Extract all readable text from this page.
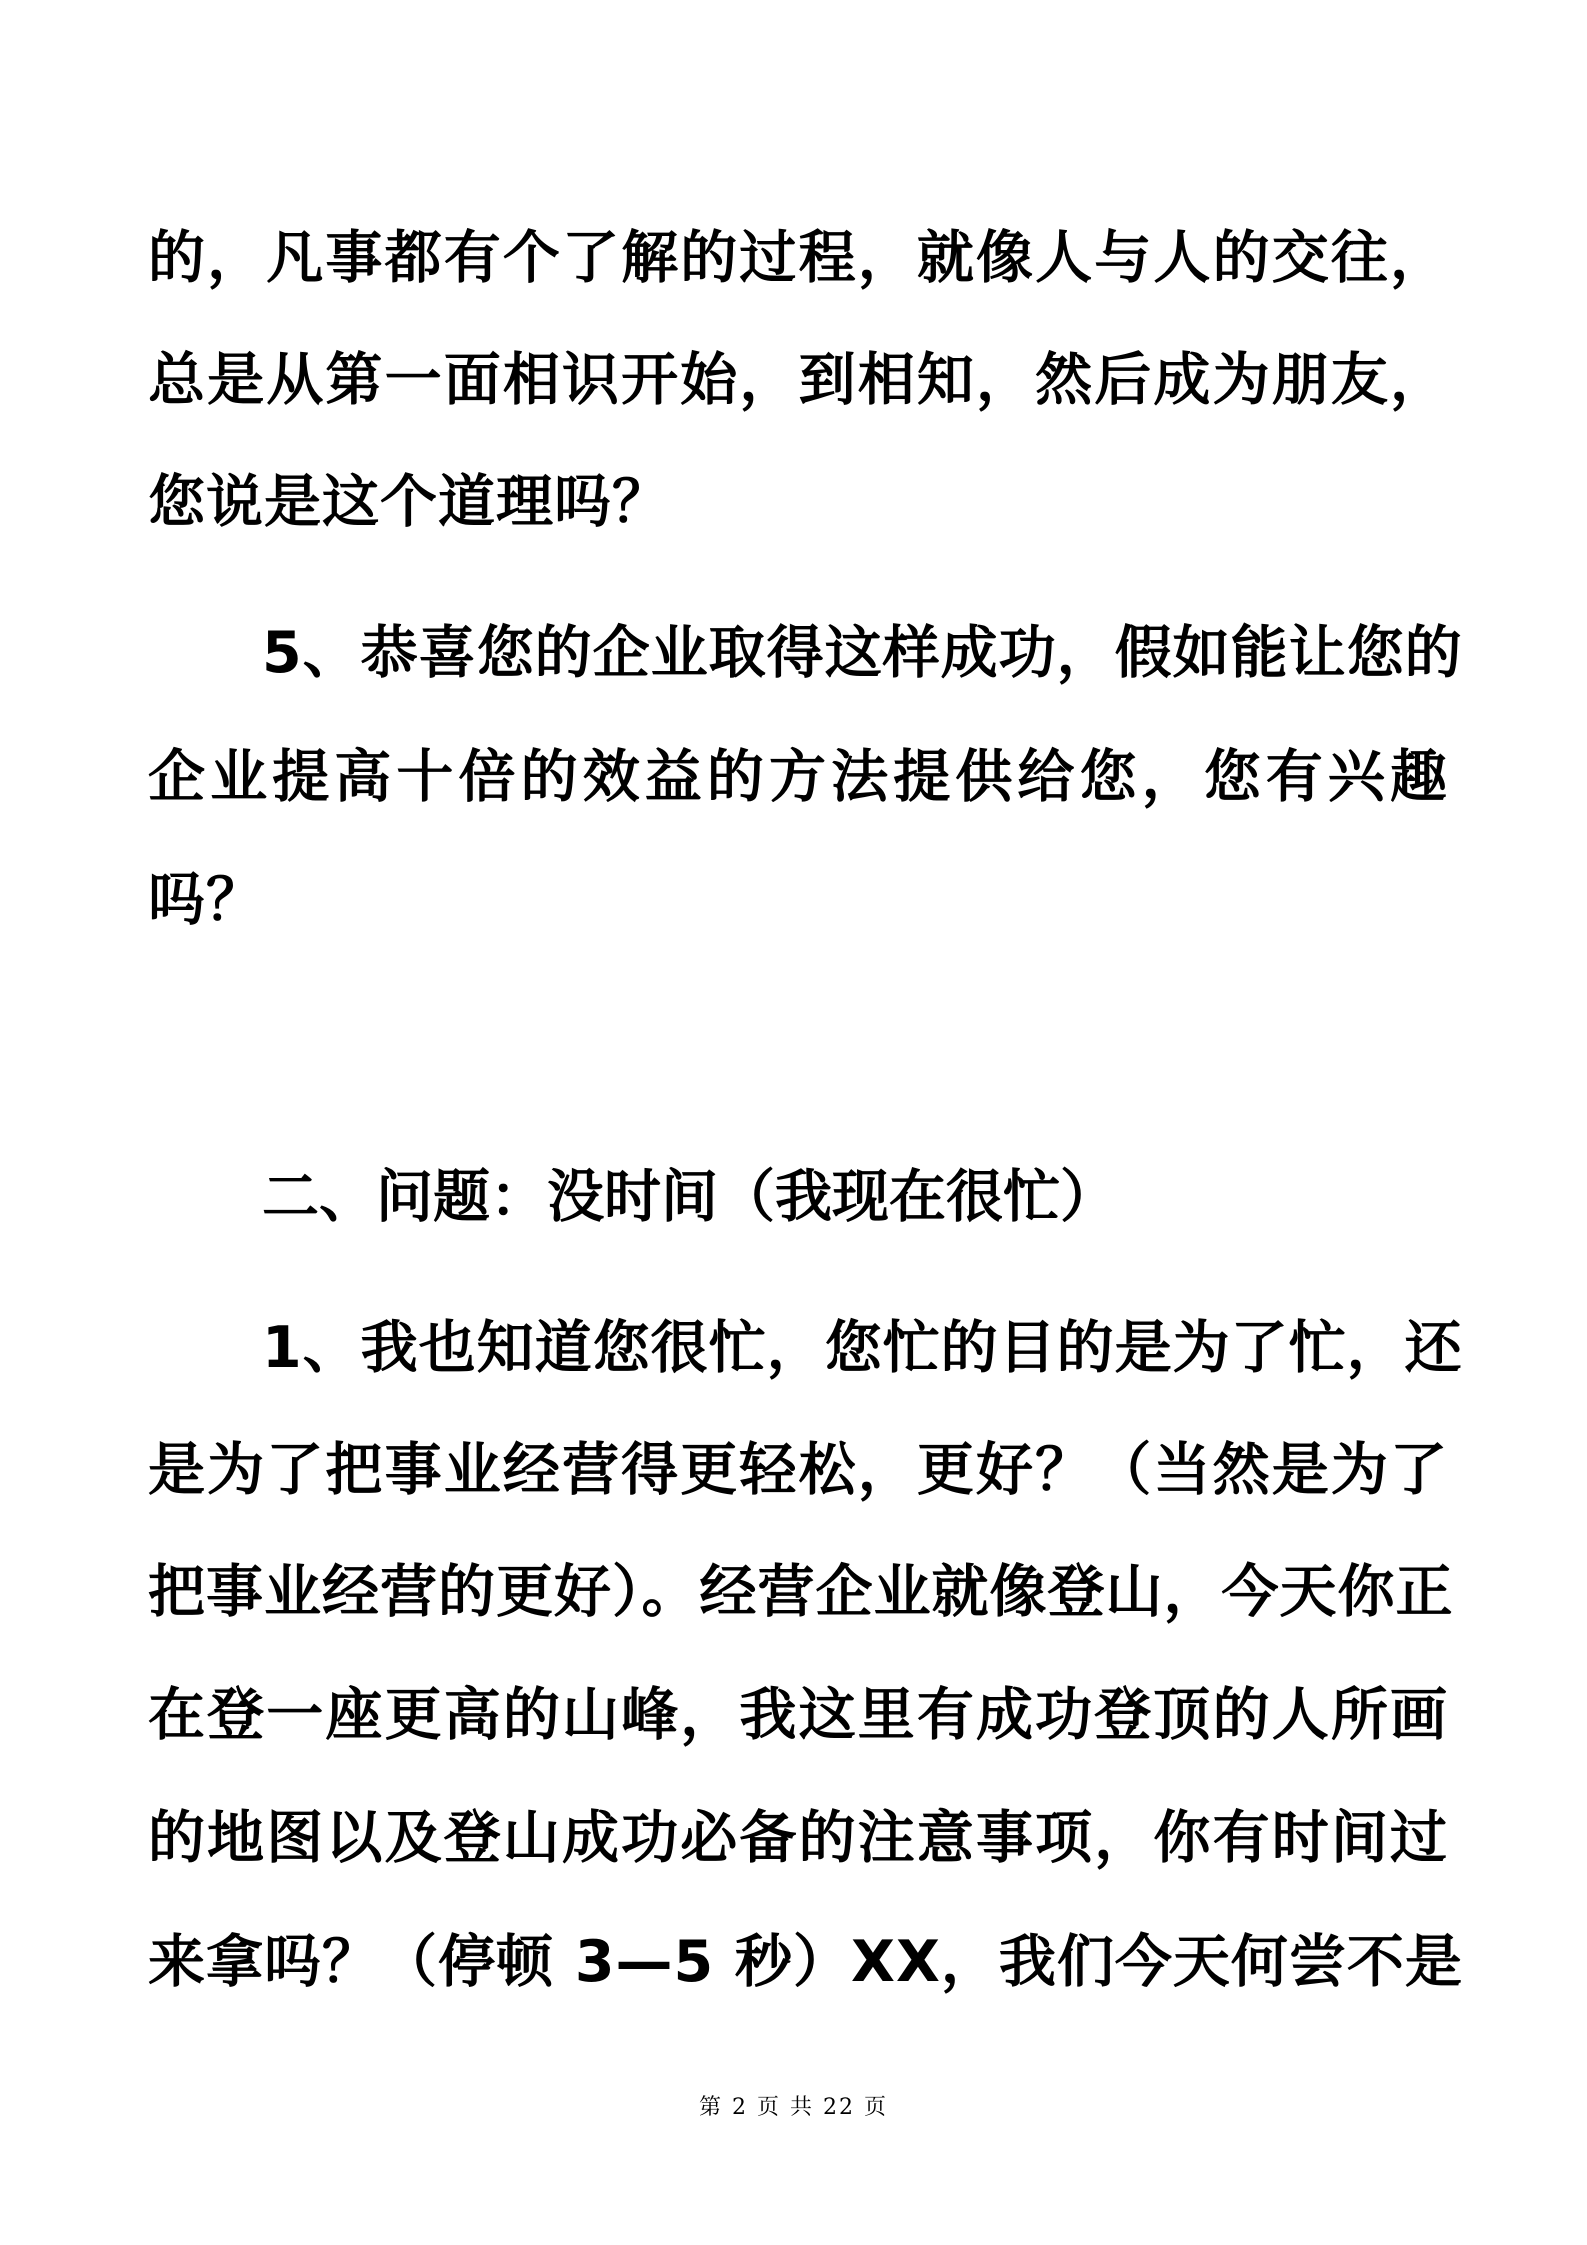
的，凡事都有个了解的过程，就像人与人的交往，
总是从第一面相识开始，到相知，然后成为朋友，
您说是这个道理吗？
5、恭喜您的企业取得这样成功，假如能让您的
企业提高十倍的效益的方法提供给您，您有兴趣
吗？
二、问题：没时间（我现在很忙）
1、我也知道您很忙，您忙的目的是为了忙，还
是为了把事业经营得更轻松，更好？（当然是为了
把事业经营的更好）。经营企业就像登山，今天你正
在登一座更高的山峰，我这里有成功登顶的人所画
的地图以及登山成功必备的注意事项，你有时间过
来拿吗？（停顿 3—5 秒）XX，我们今天何尝不是
第 2 页 共 22 页
